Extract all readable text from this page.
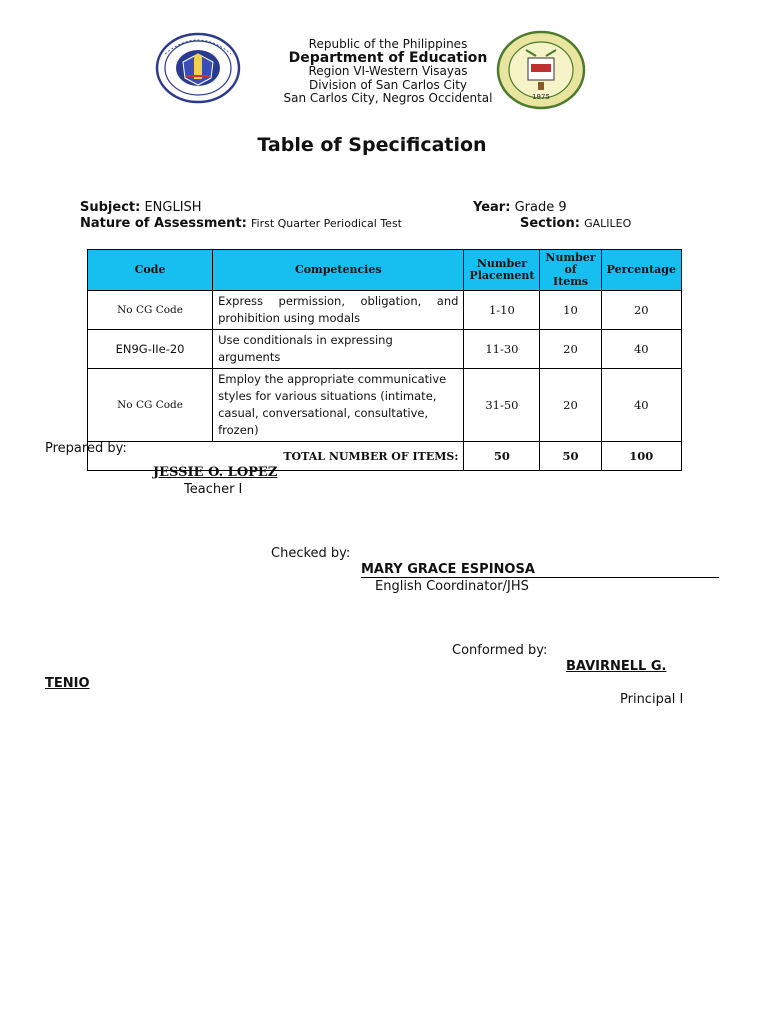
1975
Republic of the Philippines
Department of Education
Region VI-Western Visayas
Division of San Carlos City
San Carlos City, Negros Occidental
Table of Specification
Subject: ENGLISH	Year: Grade 9
Nature of Assessment: First Quarter Periodical Test	Section: GALILEO
Code	Competencies	Number Placement	Number of Items	Percentage
No CG Code	Express permission, obligation, and prohibition using modals	1-10	10	20
EN9G-IIe-20	Use conditionals in expressing arguments	11-30	20	40
No CG Code	Employ the appropriate communicative styles for various situations (intimate, casual, conversational, consultative, frozen)	31-50	20	40
TOTAL NUMBER OF ITEMS:		50	50	100
Prepared by:
JESSIE O. LOPEZ
Teacher I
Checked by:
MARY GRACE ESPINOSA
English Coordinator/JHS
Conformed by:
BAVIRNELL G.
TENIO
Principal I
